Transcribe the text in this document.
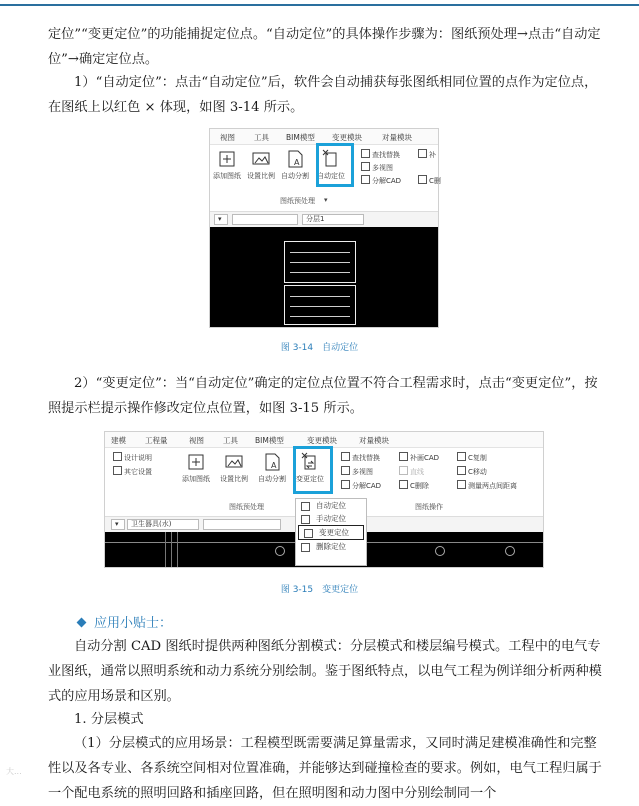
定位”“变更定位”的功能捕捉定位点。“自动定位”的具体操作步骤为：图纸预处理→点击“自动定位”→确定定位点。

1）“自动定位”：点击“自动定位”后，软件会自动捕获每张图纸相同位置的点作为定位点，在图纸上以红色 × 体现，如图 3-14 所示。

视图	工具 BIM模型 变更模块	对量模块
添加图纸 设置比例
A
自动分割 自动定位
查找替换
多视图
分解CAD
补
C删
图纸预处理 ▾
▾	分层1
图 3-14　自动定位

2）“变更定位”：当“自动定位”确定的定位点位置不符合工程需求时，点击“变更定位”，按照提示栏提示操作修改定位点位置，如图 3-15 所示。

建模	工程量	视图	工具 BIM模型	变更模块	对量模块
设计说明
其它设置
添加图纸 设置比例
A
自动分割 变更定位
查找替换
多视图
分解CAD
补画CAD
直线
C删除
C复制
C移动
测量两点间距离
图纸预处理	图纸操作
▾	卫生器具(水)
自动定位
手动定位
变更定位
删除定位
图 3-15　变更定位
应用小贴士：

自动分割 CAD 图纸时提供两种图纸分割模式：分层模式和楼层编号模式。工程中的电气专业图纸，通常以照明系统和动力系统分别绘制。鉴于图纸特点，以电气工程为例详细分析两种模式的应用场景和区别。

1. 分层模式

（1）分层模式的应用场景：工程模型既需要满足算量需求，又同时满足建模准确性和完整性以及各专业、各系统空间相对位置准确，并能够达到碰撞检查的要求。例如，电气工程归属于一个配电系统的照明回路和插座回路，但在照明图和动力图中分别绘制同一个

大...
